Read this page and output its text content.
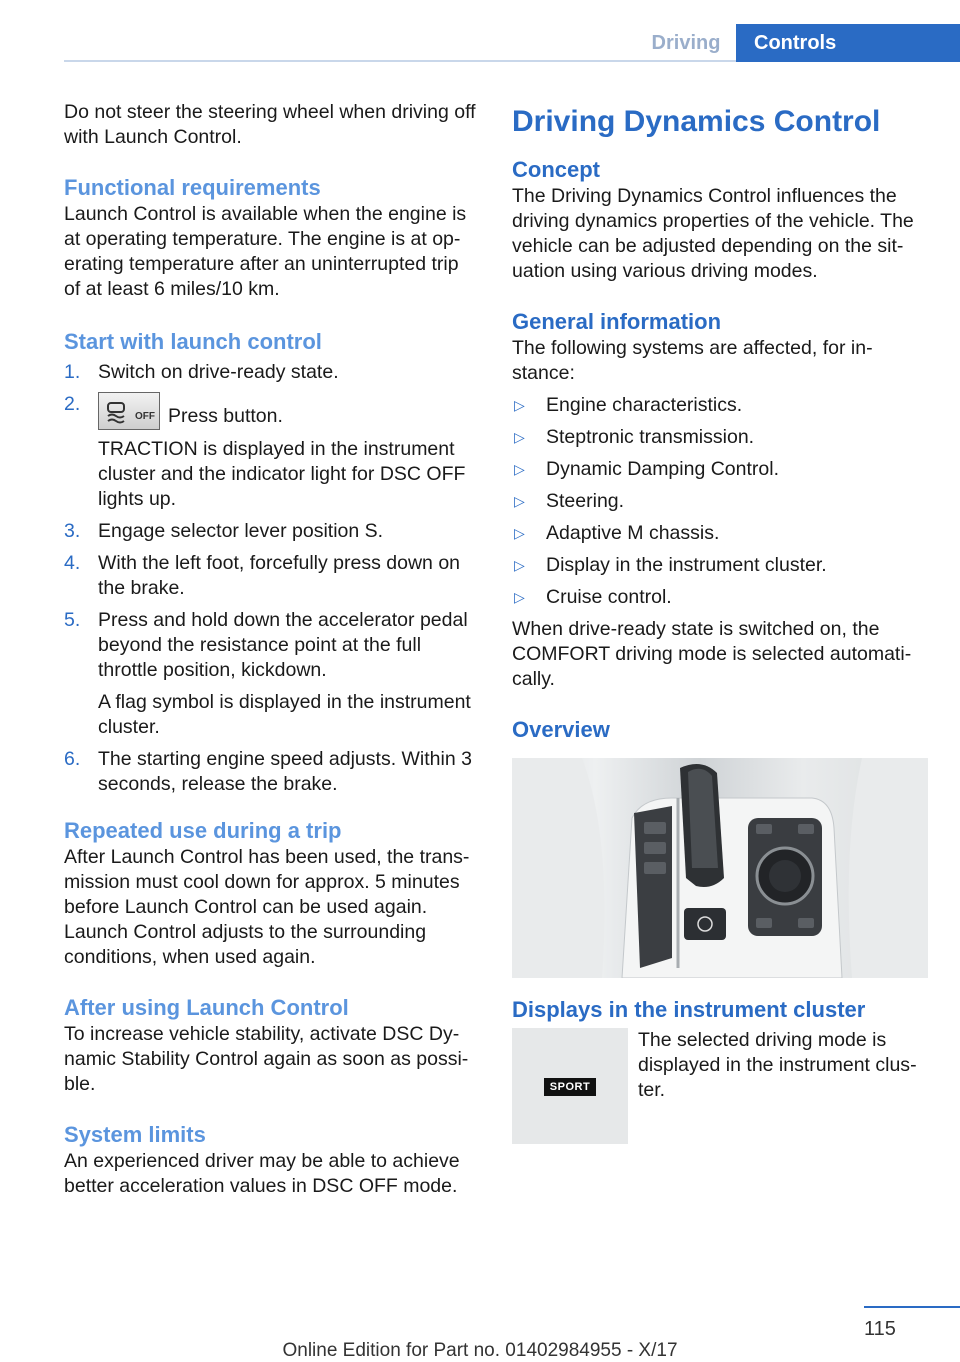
Driving	Controls

Do not steer the steering wheel when driving off with Launch Control.

Functional requirements

Launch Control is available when the engine is at operating temperature. The engine is at operating temperature after an uninterrupted trip of at least 6 miles/10 km.

Start with launch control
1. Switch on drive-ready state.
2.
OFF Press button.

TRACTION is displayed in the instrument cluster and the indicator light for DSC OFF lights up.

3. Engage selector lever position S.
4. With the left foot, forcefully press down on the brake.
5. Press and hold down the accelerator pedal beyond the resistance point at the full throttle position, kickdown.

A flag symbol is displayed in the instrument cluster.

6. The starting engine speed adjusts. Within 3 seconds, release the brake.
Repeated use during a trip

After Launch Control has been used, the transmission must cool down for approx. 5 minutes before Launch Control can be used again. Launch Control adjusts to the surrounding conditions, when used again.

After using Launch Control

To increase vehicle stability, activate DSC Dynamic Stability Control again as soon as possible.

System limits

An experienced driver may be able to achieve better acceleration values in DSC OFF mode.

Driving Dynamics Control
Concept

The Driving Dynamics Control influences the driving dynamics properties of the vehicle. The vehicle can be adjusted depending on the situation using various driving modes.

General information

The following systems are affected, for instance:

▷	Engine characteristics.
▷	Steptronic transmission.
▷	Dynamic Damping Control.
▷	Steering.
▷	Adaptive M chassis.
▷	Display in the instrument cluster.
▷	Cruise control.

When drive-ready state is switched on, the COMFORT driving mode is selected automatically.

Overview
Displays in the instrument cluster
SPORT

The selected driving mode is displayed in the instrument cluster.

115
Online Edition for Part no. 01402984955 - X/17
